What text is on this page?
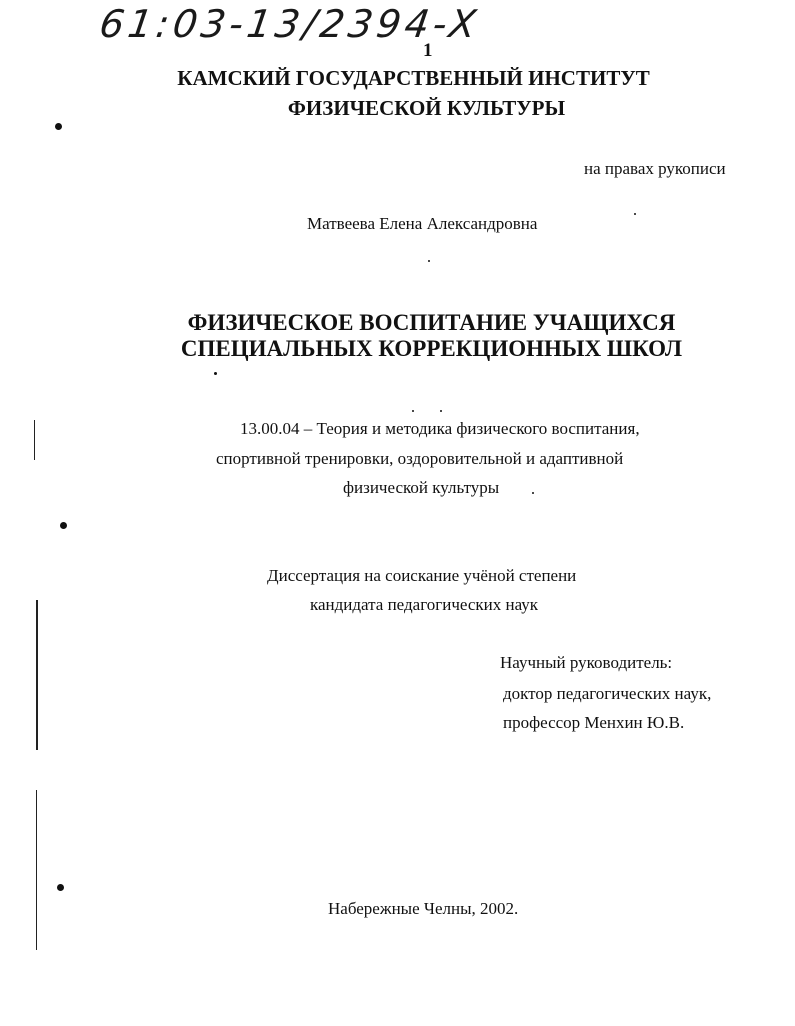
61:03-13/2394-X
1
КАМСКИЙ ГОСУДАРСТВЕННЫЙ ИНСТИТУТ
ФИЗИЧЕСКОЙ КУЛЬТУРЫ
на правах рукописи
Матвеева Елена Александровна
ФИЗИЧЕСКОЕ ВОСПИТАНИЕ УЧАЩИХСЯ
СПЕЦИАЛЬНЫХ КОРРЕКЦИОННЫХ ШКОЛ
13.00.04 – Теория и методика физического воспитания,
спортивной тренировки, оздоровительной и адаптивной
физической культуры
Диссертация на соискание учёной степени
кандидата педагогических наук
Научный руководитель:
доктор педагогических наук,
профессор Менхин Ю.В.
Набережные Челны, 2002.
